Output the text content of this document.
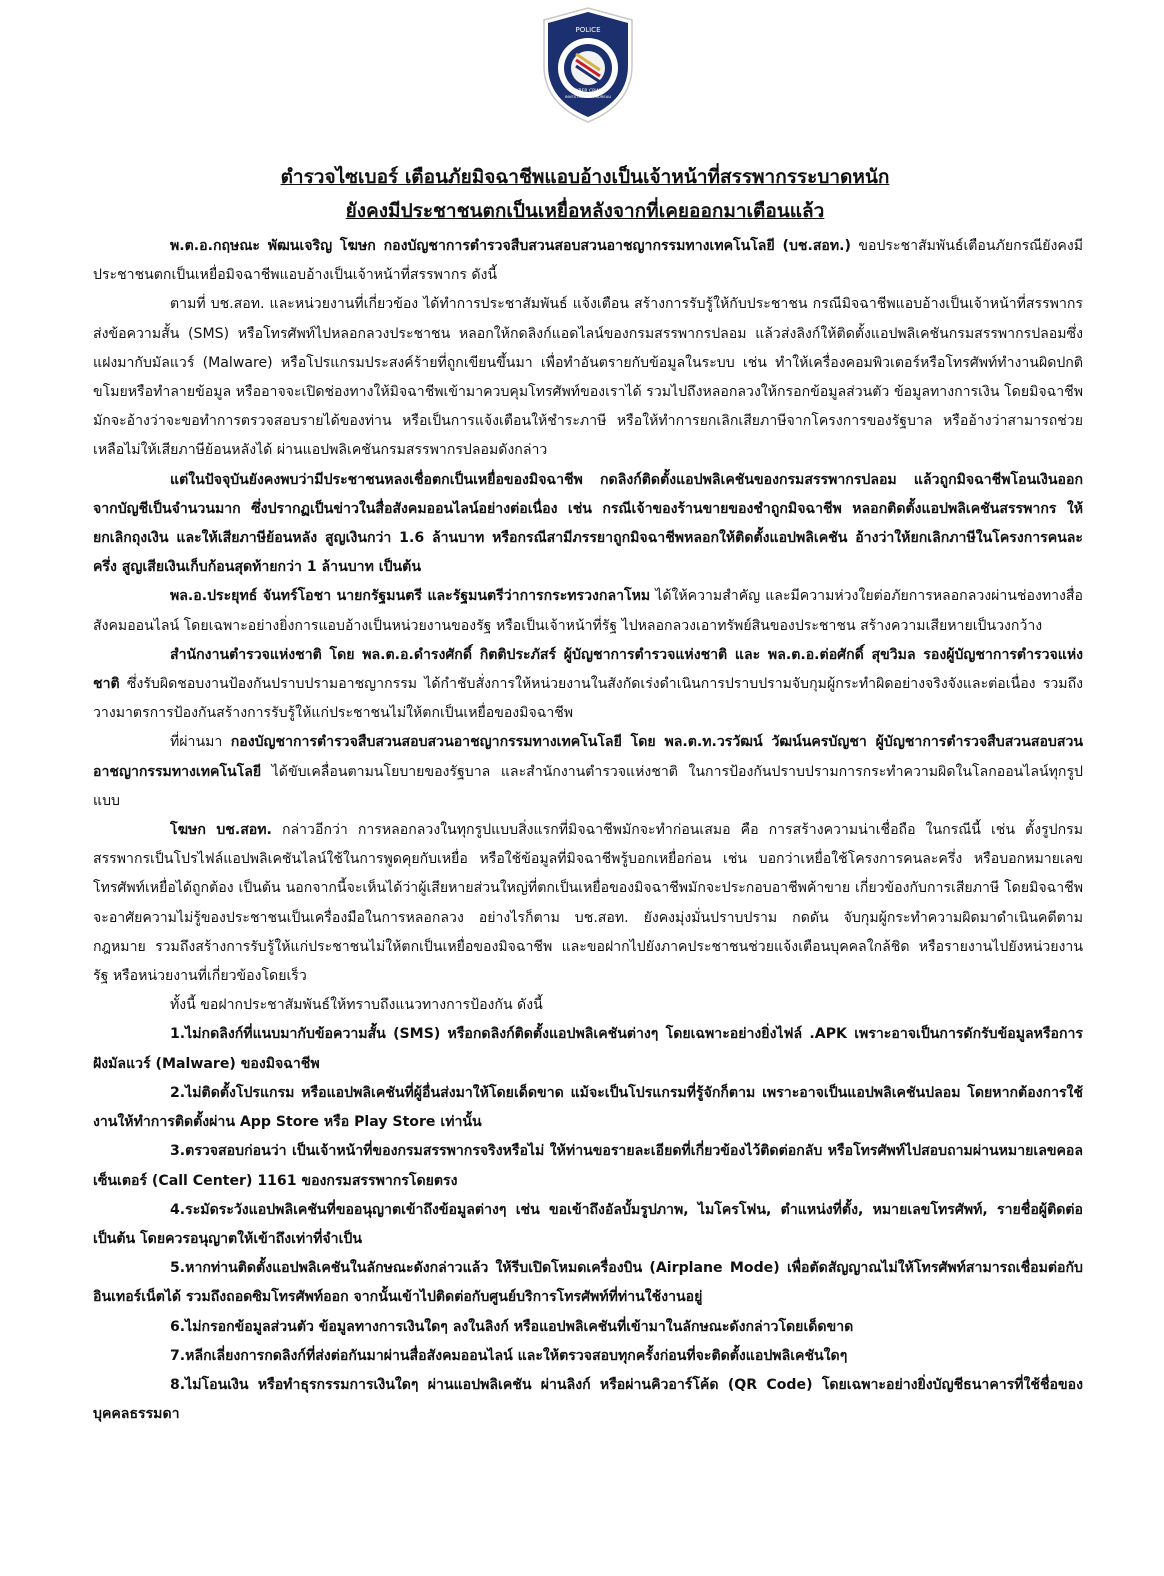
POLICE
CYBER CRIME
INVESTIGATION BUREAU
ตำรวจไซเบอร์ เตือนภัยมิจฉาชีพแอบอ้างเป็นเจ้าหน้าที่สรรพากรระบาดหนัก
ยังคงมีประชาชนตกเป็นเหยื่อหลังจากที่เคยออกมาเตือนแล้ว

พ.ต.อ.กฤษณะ พัฒนเจริญ โฆษก กองบัญชาการตำรวจสืบสวนสอบสวนอาชญากรรมทางเทคโนโลยี (บช.สอท.) ขอประชาสัมพันธ์เตือนภัยกรณียังคงมีประชาชนตกเป็นเหยื่อมิจฉาชีพแอบอ้างเป็นเจ้าหน้าที่สรรพากร ดังนี้

ตามที่ บช.สอท. และหน่วยงานที่เกี่ยวข้อง ได้ทำการประชาสัมพันธ์ แจ้งเตือน สร้างการรับรู้ให้กับประชาชน กรณีมิจฉาชีพแอบอ้างเป็นเจ้าหน้าที่สรรพากร ส่งข้อความสั้น (SMS) หรือโทรศัพท์ไปหลอกลวงประชาชน หลอกให้กดลิงก์แอดไลน์ของกรมสรรพากรปลอม แล้วส่งลิงก์ให้ติดตั้งแอปพลิเคชันกรมสรรพากรปลอมซึ่งแฝงมากับมัลแวร์ (Malware) หรือโปรแกรมประสงค์ร้ายที่ถูกเขียนขึ้นมา เพื่อทำอันตรายกับข้อมูลในระบบ เช่น ทำให้เครื่องคอมพิวเตอร์หรือโทรศัพท์ทำงานผิดปกติ ขโมยหรือทำลายข้อมูล หรืออาจจะเปิดช่องทางให้มิจฉาชีพเข้ามาควบคุมโทรศัพท์ของเราได้ รวมไปถึงหลอกลวงให้กรอกข้อมูลส่วนตัว ข้อมูลทางการเงิน โดยมิจฉาชีพมักจะอ้างว่าจะขอทำการตรวจสอบรายได้ของท่าน หรือเป็นการแจ้งเตือนให้ชำระภาษี หรือให้ทำการยกเลิกเสียภาษีจากโครงการของรัฐบาล หรืออ้างว่าสามารถช่วยเหลือไม่ให้เสียภาษีย้อนหลังได้ ผ่านแอปพลิเคชันกรมสรรพากรปลอมดังกล่าว

แต่ในปัจจุบันยังคงพบว่ามีประชาชนหลงเชื่อตกเป็นเหยื่อของมิจฉาชีพ กดลิงก์ติดตั้งแอปพลิเคชันของกรมสรรพากรปลอม แล้วถูกมิจฉาชีพโอนเงินออกจากบัญชีเป็นจำนวนมาก ซึ่งปรากฏเป็นข่าวในสื่อสังคมออนไลน์อย่างต่อเนื่อง เช่น กรณีเจ้าของร้านขายของชำถูกมิจฉาชีพ หลอกติดตั้งแอปพลิเคชันสรรพากร ให้ยกเลิกถุงเงิน และให้เสียภาษีย้อนหลัง สูญเงินกว่า 1.6 ล้านบาท หรือกรณีสามีภรรยาถูกมิจฉาชีพหลอกให้ติดตั้งแอปพลิเคชัน อ้างว่าให้ยกเลิกภาษีในโครงการคนละครึ่ง สูญเสียเงินเก็บก้อนสุดท้ายกว่า 1 ล้านบาท เป็นต้น

พล.อ.ประยุทธ์ จันทร์โอชา นายกรัฐมนตรี และรัฐมนตรีว่าการกระทรวงกลาโหม ได้ให้ความสำคัญ และมีความห่วงใยต่อภัยการหลอกลวงผ่านช่องทางสื่อสังคมออนไลน์ โดยเฉพาะอย่างยิ่งการแอบอ้างเป็นหน่วยงานของรัฐ หรือเป็นเจ้าหน้าที่รัฐ ไปหลอกลวงเอาทรัพย์สินของประชาชน สร้างความเสียหายเป็นวงกว้าง

สำนักงานตำรวจแห่งชาติ โดย พล.ต.อ.ดำรงศักดิ์ กิตติประภัสร์ ผู้บัญชาการตำรวจแห่งชาติ และ พล.ต.อ.ต่อศักดิ์ สุขวิมล รองผู้บัญชาการตำรวจแห่งชาติ ซึ่งรับผิดชอบงานป้องกันปราบปรามอาชญากรรม ได้กำชับสั่งการให้หน่วยงานในสังกัดเร่งดำเนินการปราบปรามจับกุมผู้กระทำผิดอย่างจริงจังและต่อเนื่อง รวมถึงวางมาตรการป้องกันสร้างการรับรู้ให้แก่ประชาชนไม่ให้ตกเป็นเหยื่อของมิจฉาชีพ

ที่ผ่านมา กองบัญชาการตำรวจสืบสวนสอบสวนอาชญากรรมทางเทคโนโลยี โดย พล.ต.ท.วรวัฒน์ วัฒน์นครบัญชา ผู้บัญชาการตำรวจสืบสวนสอบสวนอาชญากรรมทางเทคโนโลยี ได้ขับเคลื่อนตามนโยบายของรัฐบาล และสำนักงานตำรวจแห่งชาติ ในการป้องกันปราบปรามการกระทำความผิดในโลกออนไลน์ทุกรูปแบบ

โฆษก บช.สอท. กล่าวอีกว่า การหลอกลวงในทุกรูปแบบสิ่งแรกที่มิจฉาชีพมักจะทำก่อนเสมอ คือ การสร้างความน่าเชื่อถือ ในกรณีนี้ เช่น ตั้งรูปกรมสรรพากรเป็นโปรไฟล์แอปพลิเคชันไลน์ใช้ในการพูดคุยกับเหยื่อ หรือใช้ข้อมูลที่มิจฉาชีพรู้บอกเหยื่อก่อน เช่น บอกว่าเหยื่อใช้โครงการคนละครึ่ง หรือบอกหมายเลขโทรศัพท์เหยื่อได้ถูกต้อง เป็นต้น นอกจากนี้จะเห็นได้ว่าผู้เสียหายส่วนใหญ่ที่ตกเป็นเหยื่อของมิจฉาชีพมักจะประกอบอาชีพค้าขาย เกี่ยวข้องกับการเสียภาษี โดยมิจฉาชีพจะอาศัยความไม่รู้ของประชาชนเป็นเครื่องมือในการหลอกลวง อย่างไรก็ตาม บช.สอท. ยังคงมุ่งมั่นปราบปราม กดดัน จับกุมผู้กระทำความผิดมาดำเนินคดีตามกฎหมาย รวมถึงสร้างการรับรู้ให้แก่ประชาชนไม่ให้ตกเป็นเหยื่อของมิจฉาชีพ และขอฝากไปยังภาคประชาชนช่วยแจ้งเตือนบุคคลใกล้ชิด หรือรายงานไปยังหน่วยงานรัฐ หรือหน่วยงานที่เกี่ยวข้องโดยเร็ว

ทั้งนี้ ขอฝากประชาสัมพันธ์ให้ทราบถึงแนวทางการป้องกัน ดังนี้

1.ไม่กดลิงก์ที่แนบมากับข้อความสั้น (SMS) หรือกดลิงก์ติดตั้งแอปพลิเคชันต่างๆ โดยเฉพาะอย่างยิ่งไฟล์ .APK เพราะอาจเป็นการดักรับข้อมูลหรือการฝังมัลแวร์ (Malware) ของมิจฉาชีพ

2.ไม่ติดตั้งโปรแกรม หรือแอปพลิเคชันที่ผู้อื่นส่งมาให้โดยเด็ดขาด แม้จะเป็นโปรแกรมที่รู้จักก็ตาม เพราะอาจเป็นแอปพลิเคชันปลอม โดยหากต้องการใช้งานให้ทำการติดตั้งผ่าน App Store หรือ Play Store เท่านั้น

3.ตรวจสอบก่อนว่า เป็นเจ้าหน้าที่ของกรมสรรพากรจริงหรือไม่ ให้ท่านขอรายละเอียดที่เกี่ยวข้องไว้ติดต่อกลับ หรือโทรศัพท์ไปสอบถามผ่านหมายเลขคอลเซ็นเตอร์ (Call Center) 1161 ของกรมสรรพากรโดยตรง

4.ระมัดระวังแอปพลิเคชันที่ขออนุญาตเข้าถึงข้อมูลต่างๆ เช่น ขอเข้าถึงอัลบั้มรูปภาพ, ไมโครโฟน, ตำแหน่งที่ตั้ง, หมายเลขโทรศัพท์, รายชื่อผู้ติดต่อ เป็นต้น โดยควรอนุญาตให้เข้าถึงเท่าที่จำเป็น

5.หากท่านติดตั้งแอปพลิเคชันในลักษณะดังกล่าวแล้ว ให้รีบเปิดโหมดเครื่องบิน (Airplane Mode) เพื่อตัดสัญญาณไม่ให้โทรศัพท์สามารถเชื่อมต่อกับอินเทอร์เน็ตได้ รวมถึงถอดซิมโทรศัพท์ออก จากนั้นเข้าไปติดต่อกับศูนย์บริการโทรศัพท์ที่ท่านใช้งานอยู่

6.ไม่กรอกข้อมูลส่วนตัว ข้อมูลทางการเงินใดๆ ลงในลิงก์ หรือแอปพลิเคชันที่เข้ามาในลักษณะดังกล่าวโดยเด็ดขาด

7.หลีกเลี่ยงการกดลิงก์ที่ส่งต่อกันมาผ่านสื่อสังคมออนไลน์ และให้ตรวจสอบทุกครั้งก่อนที่จะติดตั้งแอปพลิเคชันใดๆ

8.ไม่โอนเงิน หรือทำธุรกรรมการเงินใดๆ ผ่านแอปพลิเคชัน ผ่านลิงก์ หรือผ่านคิวอาร์โค้ด (QR Code) โดยเฉพาะอย่างยิ่งบัญชีธนาคารที่ใช้ชื่อของบุคคลธรรมดา
